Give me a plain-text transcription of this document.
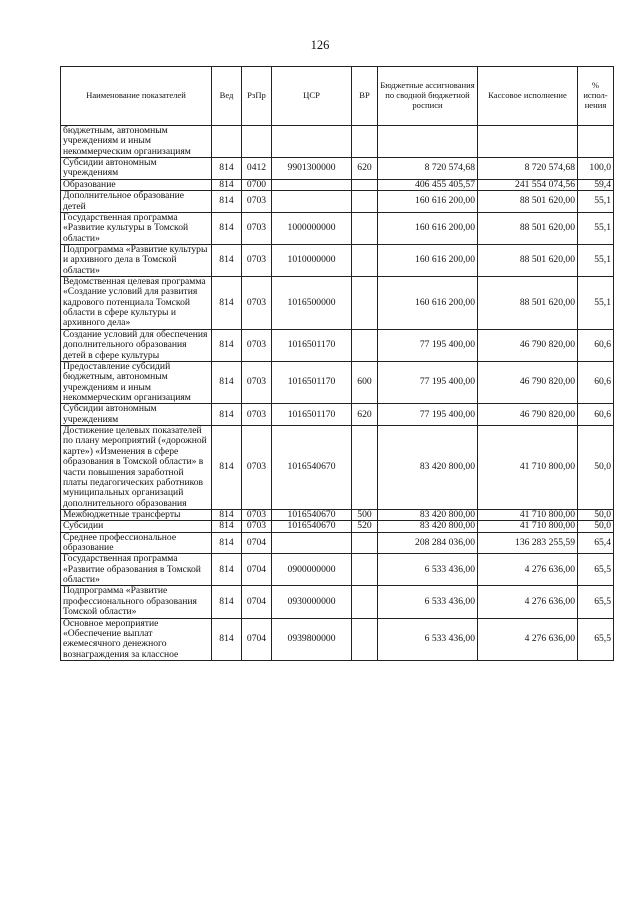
126
Наименование показателей	Вед	РзПр	ЦСР	ВР	Бюджетные ассигнования по сводной бюджетной росписи	Кассовое исполнение	% испол- нения
бюджетным, автономным учреждениям и иным некоммерческим организациям							
Субсидии автономным учреждениям	814	0412	9901300000	620	8 720 574,68	8 720 574,68	100,0
Образование	814	0700			406 455 405,57	241 554 074,56	59,4
Дополнительное образование детей	814	0703			160 616 200,00	88 501 620,00	55,1
Государственная программа «Развитие культуры в Томской области»	814	0703	1000000000		160 616 200,00	88 501 620,00	55,1
Подпрограмма «Развитие культуры и архивного дела в Томской области»	814	0703	1010000000		160 616 200,00	88 501 620,00	55,1
Ведомственная целевая программа «Создание условий для развития кадрового потенциала Томской области в сфере культуры и архивного дела»	814	0703	1016500000		160 616 200,00	88 501 620,00	55,1
Создание условий для обеспечения дополнительного образования детей в сфере культуры	814	0703	1016501170		77 195 400,00	46 790 820,00	60,6
Предоставление субсидий бюджетным, автономным учреждениям и иным некоммерческим организациям	814	0703	1016501170	600	77 195 400,00	46 790 820,00	60,6
Субсидии автономным учреждениям	814	0703	1016501170	620	77 195 400,00	46 790 820,00	60,6
Достижение целевых показателей по плану мероприятий («дорожной карте») «Изменения в сфере образования в Томской области» в части повышения заработной платы педагогических работников муниципальных организаций дополнительного образования	814	0703	1016540670		83 420 800,00	41 710 800,00	50,0
Межбюджетные трансферты	814	0703	1016540670	500	83 420 800,00	41 710 800,00	50,0
Субсидии	814	0703	1016540670	520	83 420 800,00	41 710 800,00	50,0
Среднее профессиональное образование	814	0704			208 284 036,00	136 283 255,59	65,4
Государственная программа «Развитие образования в Томской области»	814	0704	0900000000		6 533 436,00	4 276 636,00	65,5
Подпрограмма «Развитие профессионального образования Томской области»	814	0704	0930000000		6 533 436,00	4 276 636,00	65,5
Основное мероприятие «Обеспечение выплат ежемесячного денежного вознаграждения за классное	814	0704	0939800000		6 533 436,00	4 276 636,00	65,5
